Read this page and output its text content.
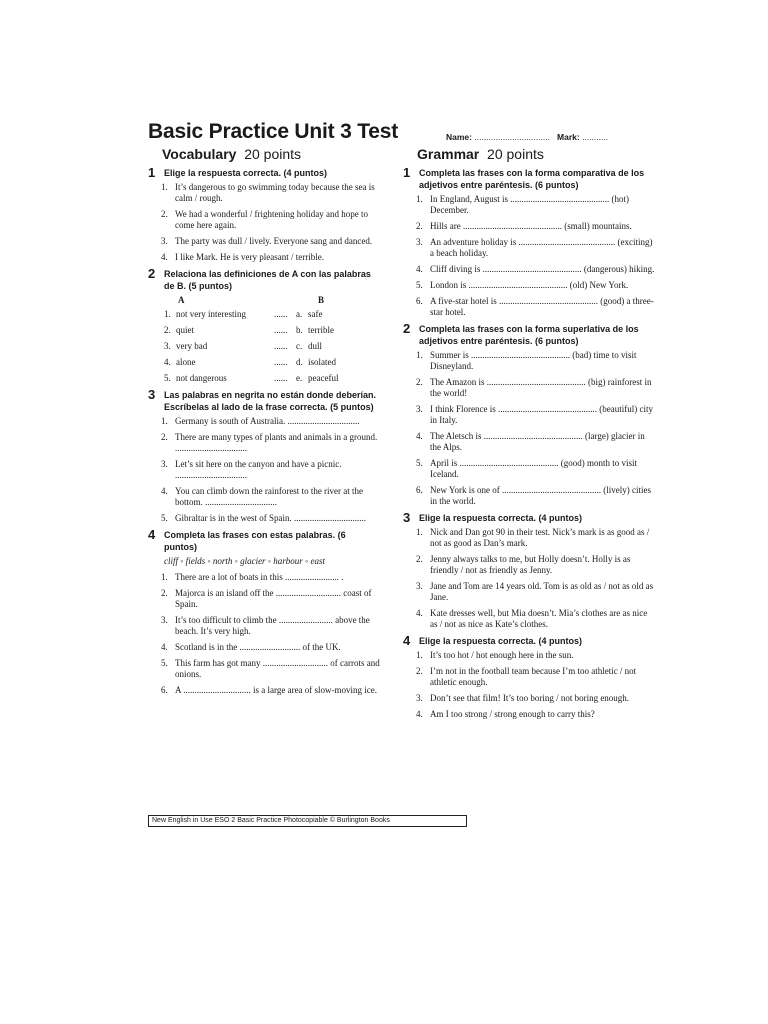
Basic Practice Unit 3 Test	Name: ................................ Mark: ...........
Vocabulary 20 points
1 Elige la respuesta correcta. (4 puntos)
1. It’s dangerous to go swimming today because the sea is calm / rough.
2. We had a wonderful / frightening holiday and hope to come here again.
3. The party was dull / lively. Everyone sang and danced.
4. I like Mark. He is very pleasant / terrible.
2 Relaciona las definiciones de A con las palabras de B. (5 puntos)
A	B
1. not very interesting	...... a. safe
2. quiet	...... b. terrible
3. very bad	...... c. dull
4. alone	...... d. isolated
5. not dangerous	...... e. peaceful
3 Las palabras en negrita no están donde deberían. Escríbelas al lado de la frase correcta. (5 puntos)
1. Germany is south of Australia. ................................
2. There are many types of plants and animals in a ground. ................................
3. Let’s sit here on the canyon and have a picnic. ................................
4. You can climb down the rainforest to the river at the bottom. ................................
5. Gibraltar is in the west of Spain. ................................
4 Completa las frases con estas palabras. (6 puntos)
cliff ◦ fields ◦ north ◦ glacier ◦ harbour ◦ east
1. There are a lot of boats in this ........................ .
2. Majorca is an island off the ............................. coast of Spain.
3. It’s too difficult to climb the ........................ above the beach. It’s very high.
4. Scotland is in the ........................... of the UK.
5. This farm has got many ............................. of carrots and onions.
6. A .............................. is a large area of slow-moving ice.
Grammar 20 points
1 Completa las frases con la forma comparativa de los adjetivos entre paréntesis. (6 puntos)
1. In England, August is ............................................ (hot) December.
2. Hills are ............................................ (small) mountains.
3. An adventure holiday is ........................................... (exciting) a beach holiday.
4. Cliff diving is ............................................ (dangerous) hiking.
5. London is ............................................ (old) New York.
6. A five-star hotel is ............................................ (good) a three-star hotel.
2 Completa las frases con la forma superlativa de los adjetivos entre paréntesis. (6 puntos)
1. Summer is ............................................ (bad) time to visit Disneyland.
2. The Amazon is ............................................ (big) rainforest in the world!
3. I think Florence is ............................................ (beautiful) city in Italy.
4. The Aletsch is ............................................ (large) glacier in the Alps.
5. April is ............................................ (good) month to visit Iceland.
6. New York is one of ............................................ (lively) cities in the world.
3 Elige la respuesta correcta. (4 puntos)
1. Nick and Dan got 90 in their test. Nick’s mark is as good as / not as good as Dan’s mark.
2. Jenny always talks to me, but Holly doesn’t. Holly is as friendly / not as friendly as Jenny.
3. Jane and Tom are 14 years old. Tom is as old as / not as old as Jane.
4. Kate dresses well, but Mia doesn’t. Mia’s clothes are as nice as / not as nice as Kate’s clothes.
4 Elige la respuesta correcta. (4 puntos)
1. It’s too hot / hot enough here in the sun.
2. I’m not in the football team because I’m too athletic / not athletic enough.
3. Don’t see that film! It’s too boring / not boring enough.
4. Am I too strong / strong enough to carry this?
New English in Use ESO 2 Basic Practice Photocopiable © Burlington Books
